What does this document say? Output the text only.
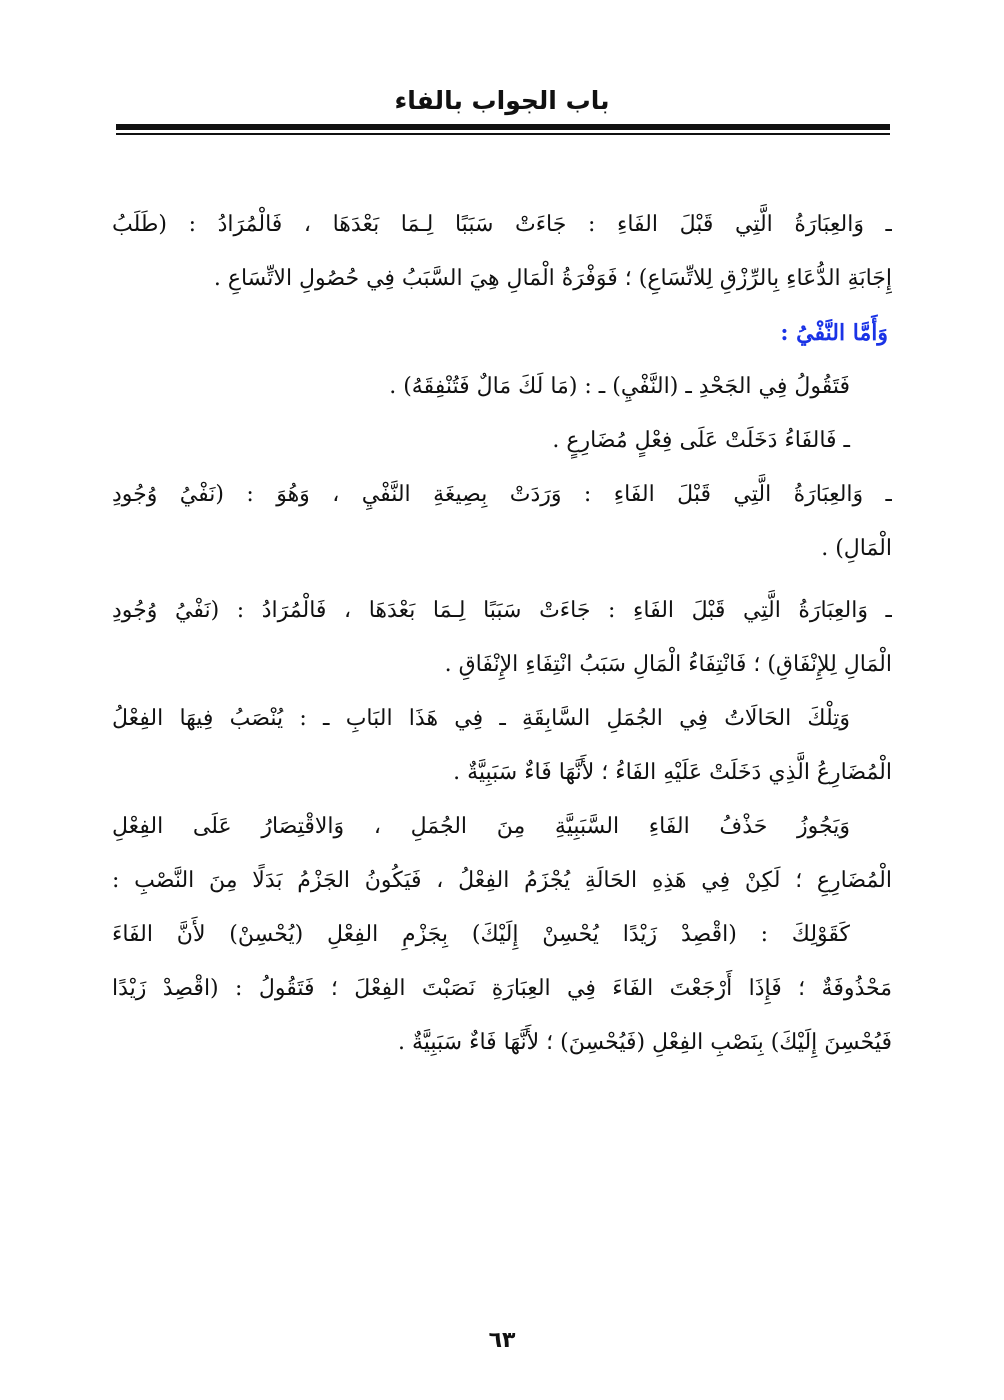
باب الجواب بالفاء
ـ وَالعِبَارَةُ الَّتِي قَبْلَ الفَاءِ : جَاءَتْ سَبَبًا لِـمَا بَعْدَهَا ، فَالْمُرَادُ : (طَلَبُ
إِجَابَةِ الدُّعَاءِ بِالرِّزْقِ لِلاتِّسَاعِ) ؛ فَوَفْرَةُ الْمَالِ هِيَ السَّبَبُ فِي حُصُولِ الاتِّسَاعِ .
وَأَمَّا النَّفْيُ :
فَتَقُولُ فِي الجَحْدِ ـ (النَّفْيِ) ـ : (مَا لَكَ مَالٌ فَتُنْفِقَهُ) .
ـ فَالفَاءُ دَخَلَتْ عَلَى فِعْلٍ مُضَارِعٍ .
ـ وَالعِبَارَةُ الَّتِي قَبْلَ الفَاءِ : وَرَدَتْ بِصِيغَةِ النَّفْيِ ، وَهُوَ : (نَفْيُ وُجُودِ
الْمَالِ) .
ـ وَالعِبَارَةُ الَّتِي قَبْلَ الفَاءِ : جَاءَتْ سَبَبًا لِـمَا بَعْدَهَا ، فَالْمُرَادُ : (نَفْيُ وُجُودِ
الْمَالِ لِلإِنْفَاقِ) ؛ فَانْتِفَاءُ الْمَالِ سَبَبُ انْتِفَاءِ الإِنْفَاقِ .
وَتِلْكَ الحَالَاتُ فِي الجُمَلِ السَّابِقَةِ ـ فِي هَذَا البَابِ ـ : يُنْصَبُ فِيهَا الفِعْلُ
الْمُضَارِعُ الَّذِي دَخَلَتْ عَلَيْهِ الفَاءُ ؛ لأَنَّهَا فَاءٌ سَبَبِيَّةٌ .
وَيَجُوزُ حَذْفُ الفَاءِ السَّبَبِيَّةِ مِنَ الجُمَلِ ، وَالاقْتِصَارُ عَلَى الفِعْلِ
الْمُضَارِعِ ؛ لَكِنْ فِي هَذِهِ الحَالَةِ يُجْزَمُ الفِعْلُ ، فَيَكُونُ الجَزْمُ بَدَلًا مِنَ النَّصْبِ :
كَقَوْلِكَ : (اقْصِدْ زَيْدًا يُحْسِنْ إِلَيْكَ) بِجَزْمِ الفِعْلِ (يُحْسِنْ) لأَنَّ الفَاءَ
مَحْذُوفَةٌ ؛ فَإِذَا أَرْجَعْتَ الفَاءَ فِي العِبَارَةِ نَصَبْتَ الفِعْلَ ؛ فَتَقُولُ : (اقْصِدْ زَيْدًا
فَيُحْسِنَ إِلَيْكَ) بِنَصْبِ الفِعْلِ (فَيُحْسِنَ) ؛ لأَنَّهَا فَاءٌ سَبَبِيَّةٌ .
٦٣
